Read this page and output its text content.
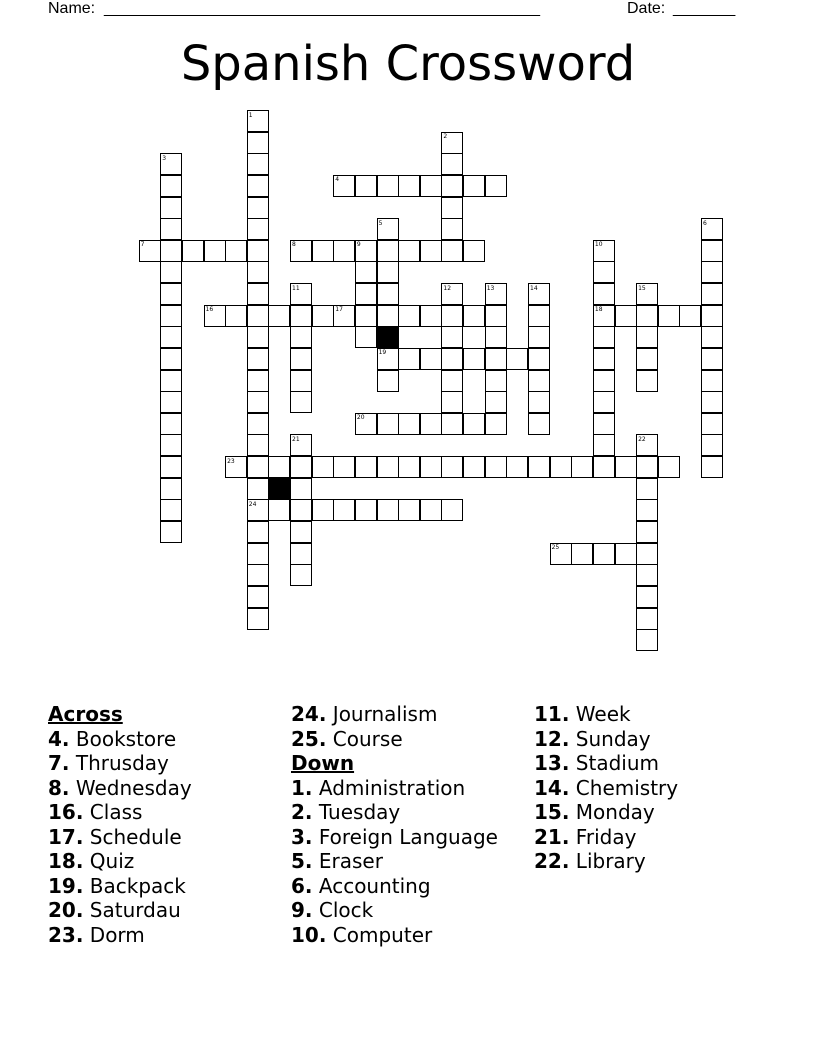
Name: _________________________________________________	Date: _______
Spanish Crossword
4
7	8
16	17	18
19
20
23
24
25
1
2
3
5	6
9	10
11	12	13	14	15
21	22
Across
4. Bookstore
7. Thrusday
8. Wednesday
16. Class
17. Schedule
18. Quiz
19. Backpack
20. Saturdau
23. Dorm
24. Journalism
25. Course
Down
1. Administration
2. Tuesday
3. Foreign Language
5. Eraser
6. Accounting
9. Clock
10. Computer
11. Week
12. Sunday
13. Stadium
14. Chemistry
15. Monday
21. Friday
22. Library
